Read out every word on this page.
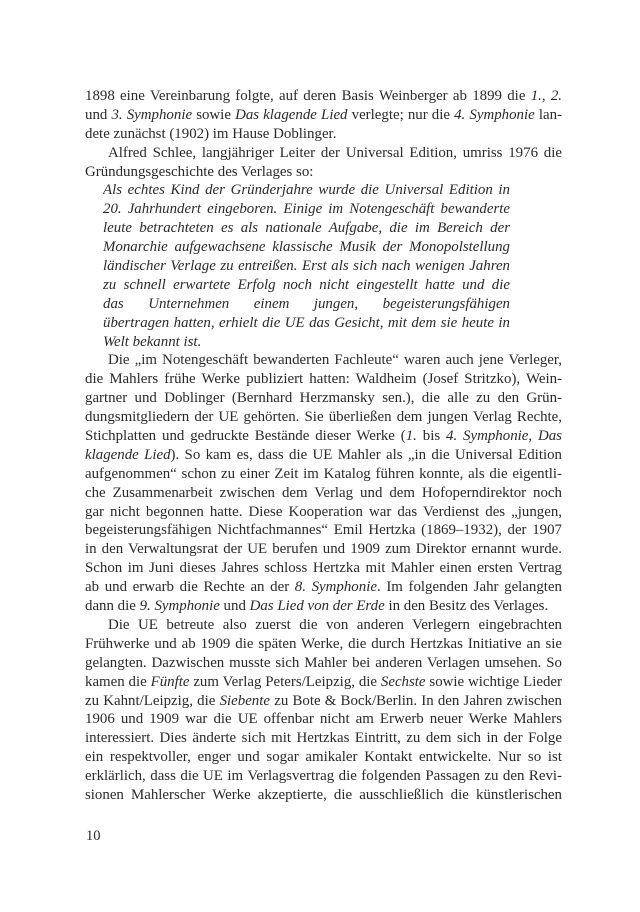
1898 eine Vereinbarung folgte, auf deren Basis Weinberger ab 1899 die 1., 2.
und 3. Symphonie sowie Das klagende Lied verlegte; nur die 4. Symphonie lan-
dete zunächst (1902) im Hause Doblinger.
Alfred Schlee, langjähriger Leiter der Universal Edition, umriss 1976 die
Gründungsgeschichte des Verlages so:
Als echtes Kind der Gründerjahre wurde die Universal Edition in
20. Jahrhundert eingeboren. Einige im Notengeschäft bewanderte
leute betrachteten es als nationale Aufgabe, die im Bereich der
Monarchie aufgewachsene klassische Musik der Monopolstellung
ländischer Verlage zu entreißen. Erst als sich nach wenigen Jahren
zu schnell erwartete Erfolg noch nicht eingestellt hatte und die
das Unternehmen einem jungen, begeisterungsfähigen
übertragen hatten, erhielt die UE das Gesicht, mit dem sie heute in
Welt bekannt ist.
Die „im Notengeschäft bewanderten Fachleute“ waren auch jene Verleger,
die Mahlers frühe Werke publiziert hatten: Waldheim (Josef Stritzko), Wein-
gartner und Doblinger (Bernhard Herzmansky sen.), die alle zu den Grün-
dungsmitgliedern der UE gehörten. Sie überließen dem jungen Verlag Rechte,
Stichplatten und gedruckte Bestände dieser Werke (1. bis 4. Symphonie, Das
klagende Lied). So kam es, dass die UE Mahler als „in die Universal Edition
aufgenommen“ schon zu einer Zeit im Katalog führen konnte, als die eigentli-
che Zusammenarbeit zwischen dem Verlag und dem Hofoperndirektor noch
gar nicht begonnen hatte. Diese Kooperation war das Verdienst des „jungen,
begeisterungsfähigen Nichtfachmannes“ Emil Hertzka (1869–1932), der 1907
in den Verwaltungsrat der UE berufen und 1909 zum Direktor ernannt wurde.
Schon im Juni dieses Jahres schloss Hertzka mit Mahler einen ersten Vertrag
ab und erwarb die Rechte an der 8. Symphonie. Im folgenden Jahr gelangten
dann die 9. Symphonie und Das Lied von der Erde in den Besitz des Verlages.
Die UE betreute also zuerst die von anderen Verlegern eingebrachten
Frühwerke und ab 1909 die späten Werke, die durch Hertzkas Initiative an sie
gelangten. Dazwischen musste sich Mahler bei anderen Verlagen umsehen. So
kamen die Fünfte zum Verlag Peters/Leipzig, die Sechste sowie wichtige Lieder
zu Kahnt/Leipzig, die Siebente zu Bote & Bock/Berlin. In den Jahren zwischen
1906 und 1909 war die UE offenbar nicht am Erwerb neuer Werke Mahlers
interessiert. Dies änderte sich mit Hertzkas Eintritt, zu dem sich in der Folge
ein respektvoller, enger und sogar amikaler Kontakt entwickelte. Nur so ist
erklärlich, dass die UE im Verlagsvertrag die folgenden Passagen zu den Revi-
sionen Mahlerscher Werke akzeptierte, die ausschließlich die künstlerischen
10
